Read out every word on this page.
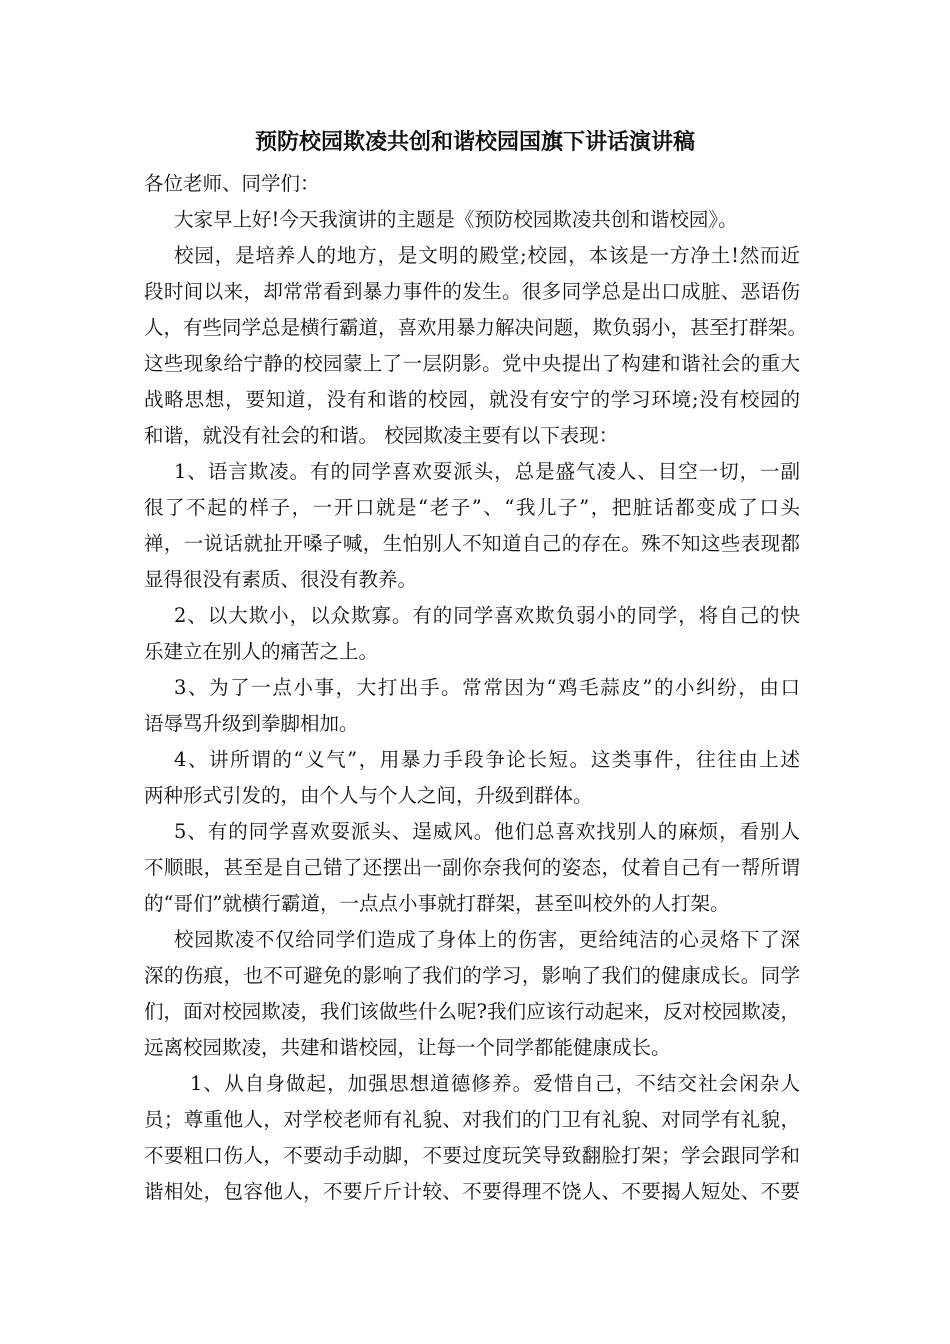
预防校园欺凌共创和谐校园国旗下讲话演讲稿
各位老师、同学们：
大家早上好!今天我演讲的主题是《预防校园欺凌共创和谐校园》。
校园，是培养人的地方，是文明的殿堂;校园，本该是一方净土!然而近
段时间以来，却常常看到暴力事件的发生。很多同学总是出口成脏、恶语伤
人，有些同学总是横行霸道，喜欢用暴力解决问题，欺负弱小，甚至打群架。
这些现象给宁静的校园蒙上了一层阴影。党中央提出了构建和谐社会的重大
战略思想，要知道，没有和谐的校园，就没有安宁的学习环境;没有校园的
和谐，就没有社会的和谐。 校园欺凌主要有以下表现：
1、语言欺凌。有的同学喜欢耍派头，总是盛气凌人、目空一切，一副
很了不起的样子，一开口就是“老子”、“我儿子”，把脏话都变成了口头
禅，一说话就扯开嗓子喊，生怕别人不知道自己的存在。殊不知这些表现都
显得很没有素质、很没有教养。
2、以大欺小，以众欺寡。有的同学喜欢欺负弱小的同学，将自己的快
乐建立在别人的痛苦之上。
3、为了一点小事，大打出手。常常因为“鸡毛蒜皮”的小纠纷，由口
语辱骂升级到拳脚相加。
4、讲所谓的“义气”，用暴力手段争论长短。这类事件，往往由上述
两种形式引发的，由个人与个人之间，升级到群体。
5、有的同学喜欢耍派头、逞威风。他们总喜欢找别人的麻烦，看别人
不顺眼，甚至是自己错了还摆出一副你奈我何的姿态，仗着自己有一帮所谓
的“哥们”就横行霸道，一点点小事就打群架，甚至叫校外的人打架。
校园欺凌不仅给同学们造成了身体上的伤害，更给纯洁的心灵烙下了深
深的伤痕，也不可避免的影响了我们的学习，影响了我们的健康成长。同学
们，面对校园欺凌，我们该做些什么呢?我们应该行动起来，反对校园欺凌，
远离校园欺凌，共建和谐校园，让每一个同学都能健康成长。
1、从自身做起，加强思想道德修养。爱惜自己，不结交社会闲杂人
员；尊重他人，对学校老师有礼貌、对我们的门卫有礼貌、对同学有礼貌，
不要粗口伤人，不要动手动脚，不要过度玩笑导致翻脸打架；学会跟同学和
谐相处，包容他人，不要斤斤计较、不要得理不饶人、不要揭人短处、不要
